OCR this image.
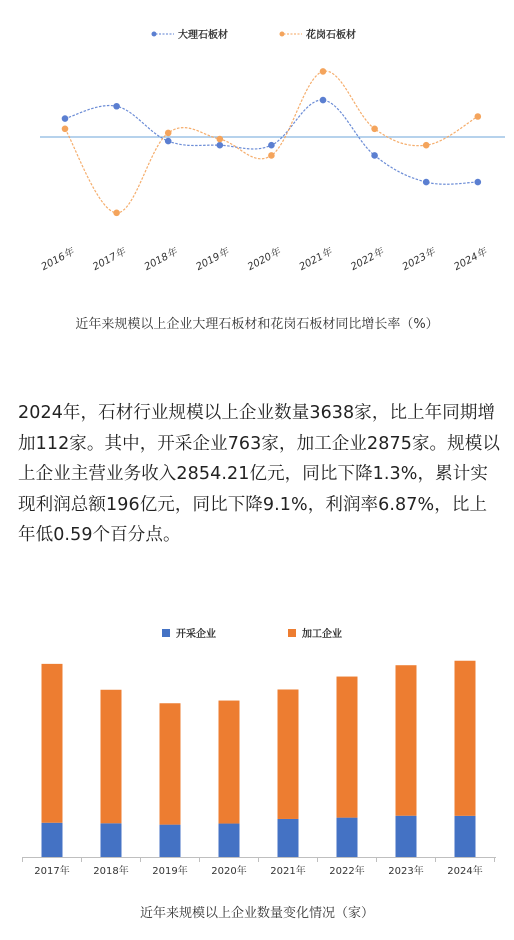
大理石板材	花岗石板材
2016年 2017年 2018年 2019年 2020年 2021年 2022年 2023年 2024年
近年来规模以上企业大理石板材和花岗石板材同比增长率（%）
2024年，石材行业规模以上企业数量3638家，比上年同期增加112家。其中，开采企业763家，加工企业2875家。规模以上企业主营业务收入2854.21亿元，同比下降1.3%，累计实现利润总额196亿元，同比下降9.1%，利润率6.87%，比上年低0.59个百分点。
开采企业	加工企业
2017年 2018年 2019年 2020年 2021年 2022年 2023年 2024年
近年来规模以上企业数量变化情况（家）
